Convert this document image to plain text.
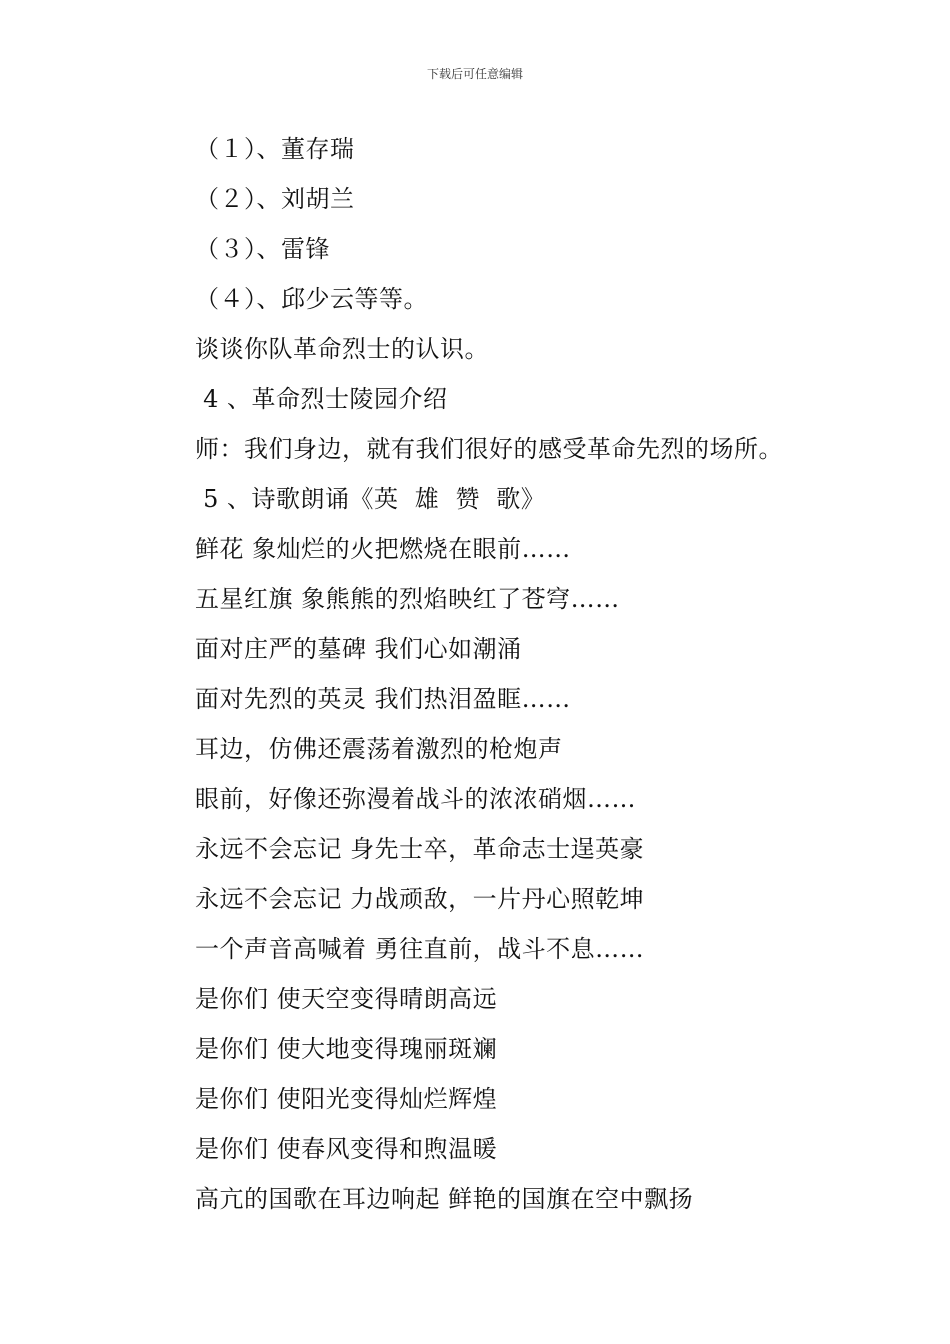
下载后可任意编辑
（１）、董存瑞
（２）、刘胡兰
（３）、雷锋
（４）、邱少云等等。
谈谈你队革命烈士的认识。
4 、革命烈士陵园介绍
师：我们身边，就有我们很好的感受革命先烈的场所。
5 、诗歌朗诵《英  雄  赞  歌》
鲜花 象灿烂的火把燃烧在眼前……
五星红旗 象熊熊的烈焰映红了苍穹……
面对庄严的墓碑 我们心如潮涌
面对先烈的英灵 我们热泪盈眶……
耳边，仿佛还震荡着激烈的枪炮声
眼前，好像还弥漫着战斗的浓浓硝烟……
永远不会忘记 身先士卒，革命志士逞英豪
永远不会忘记 力战顽敌，一片丹心照乾坤
一个声音高喊着 勇往直前，战斗不息……
是你们 使天空变得晴朗高远
是你们 使大地变得瑰丽斑斓
是你们 使阳光变得灿烂辉煌
是你们 使春风变得和煦温暖
高亢的国歌在耳边响起 鲜艳的国旗在空中飘扬
